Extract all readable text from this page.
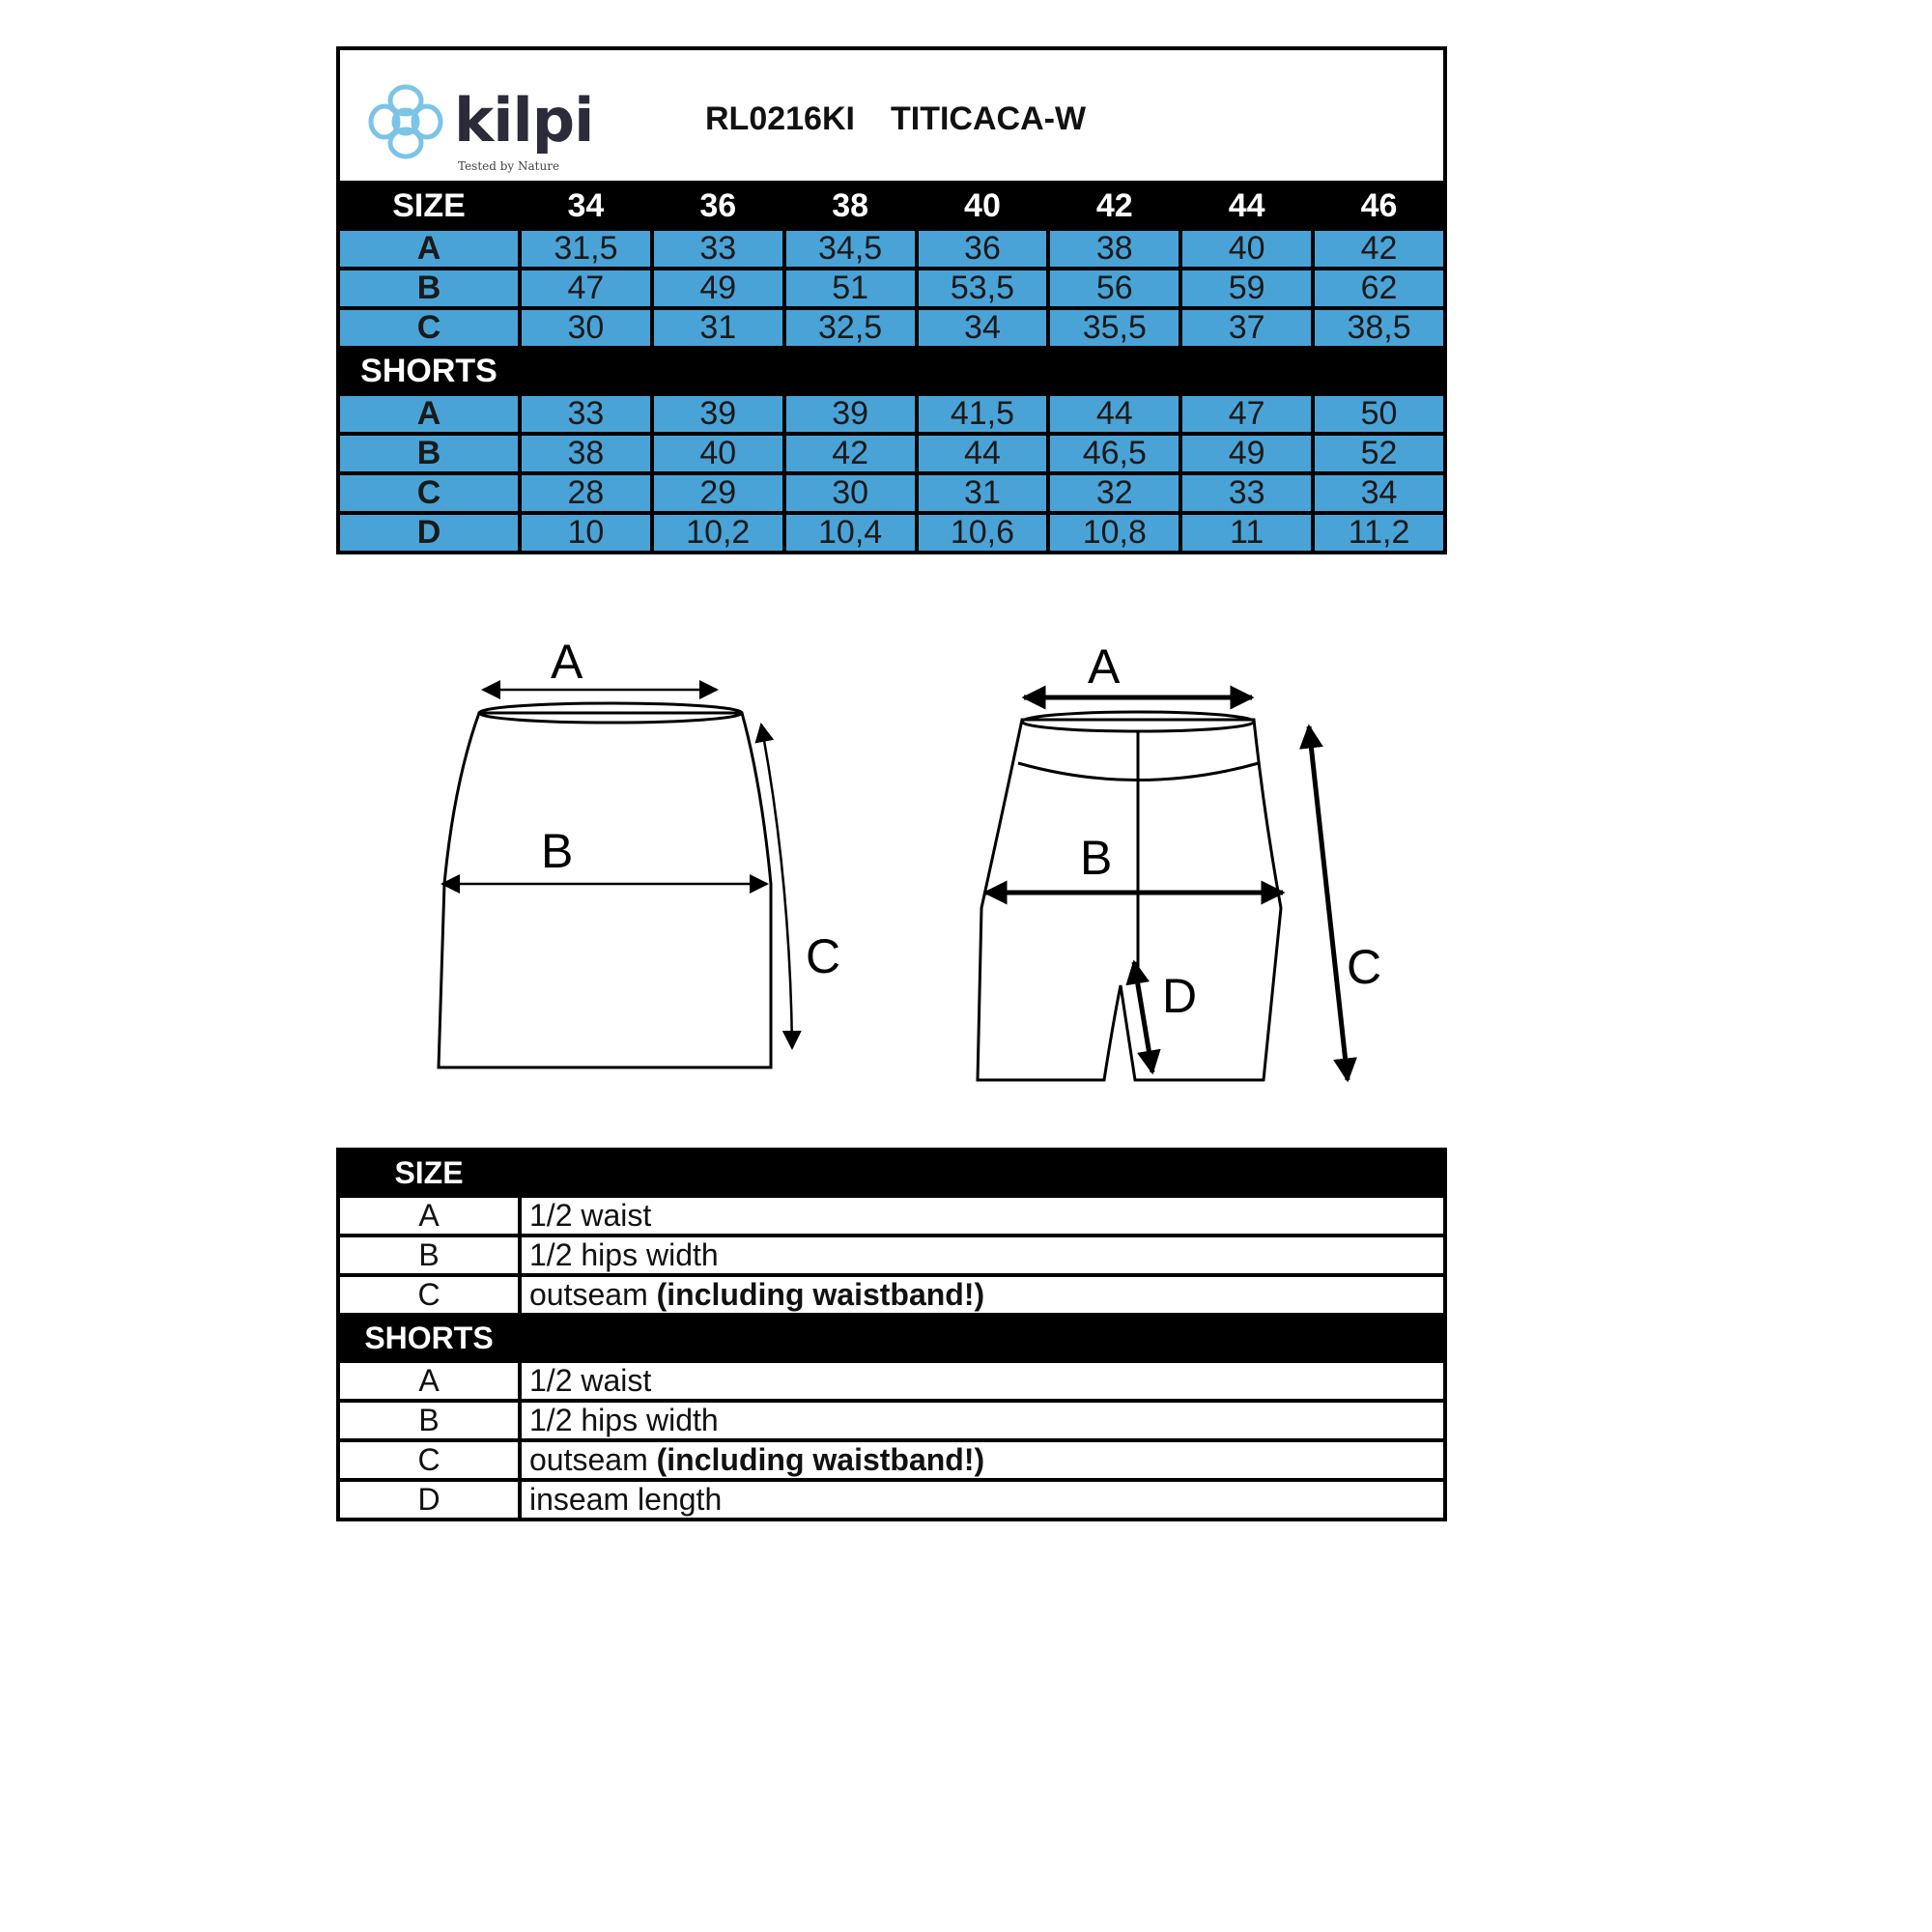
kilpi
Tested by Nature
RL0216KI TITICACA-W
SIZE	34	36	38	40	42	44	46
A	31,5	33	34,5	36	38	40	42
B	47	49	51	53,5	56	59	62
C	30	31	32,5	34	35,5	37	38,5
SHORTS							
A	33	39	39	41,5	44	47	50
B	38	40	42	44	46,5	49	52
C	28	29	30	31	32	33	34
D	10	10,2	10,4	10,6	10,8	11	11,2
A
B
C
A
B
C
D
SIZE	
A	1/2 waist
B	1/2 hips width
C	outseam (including waistband!)
SHORTS	
A	1/2 waist
B	1/2 hips width
C	outseam (including waistband!)
D	inseam length
